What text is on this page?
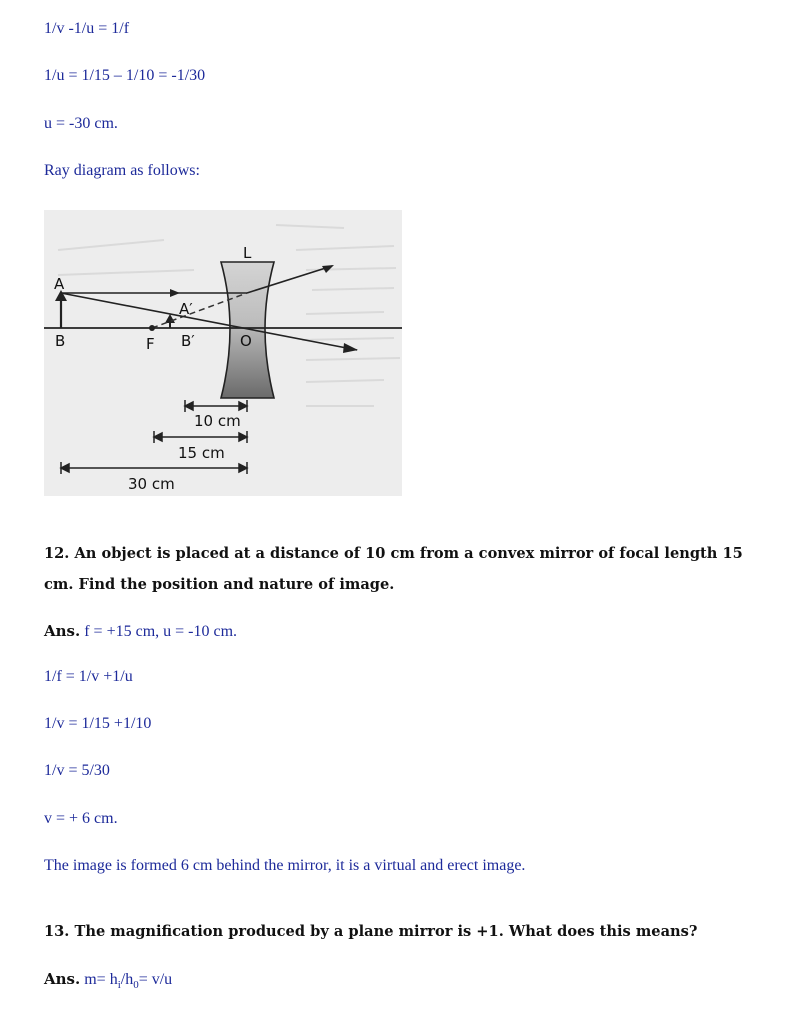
1/v -1/u = 1/f

1/u = 1/15 – 1/10 = -1/30

u = -30 cm.

Ray diagram as follows:

L
A
A′
B	F B′	O
10 cm
15 cm
30 cm

12. An object is placed at a distance of 10 cm from a convex mirror of focal length 15 cm. Find the position and nature of image.

Ans. f = +15 cm, u = -10 cm.

1/f = 1/v +1/u

1/v = 1/15 +1/10

1/v = 5/30

v = + 6 cm.

The image is formed 6 cm behind the mirror, it is a virtual and erect image.

13. The magnification produced by a plane mirror is +1. What does this means?

Ans. $m= h_i/h_0= v/u$
